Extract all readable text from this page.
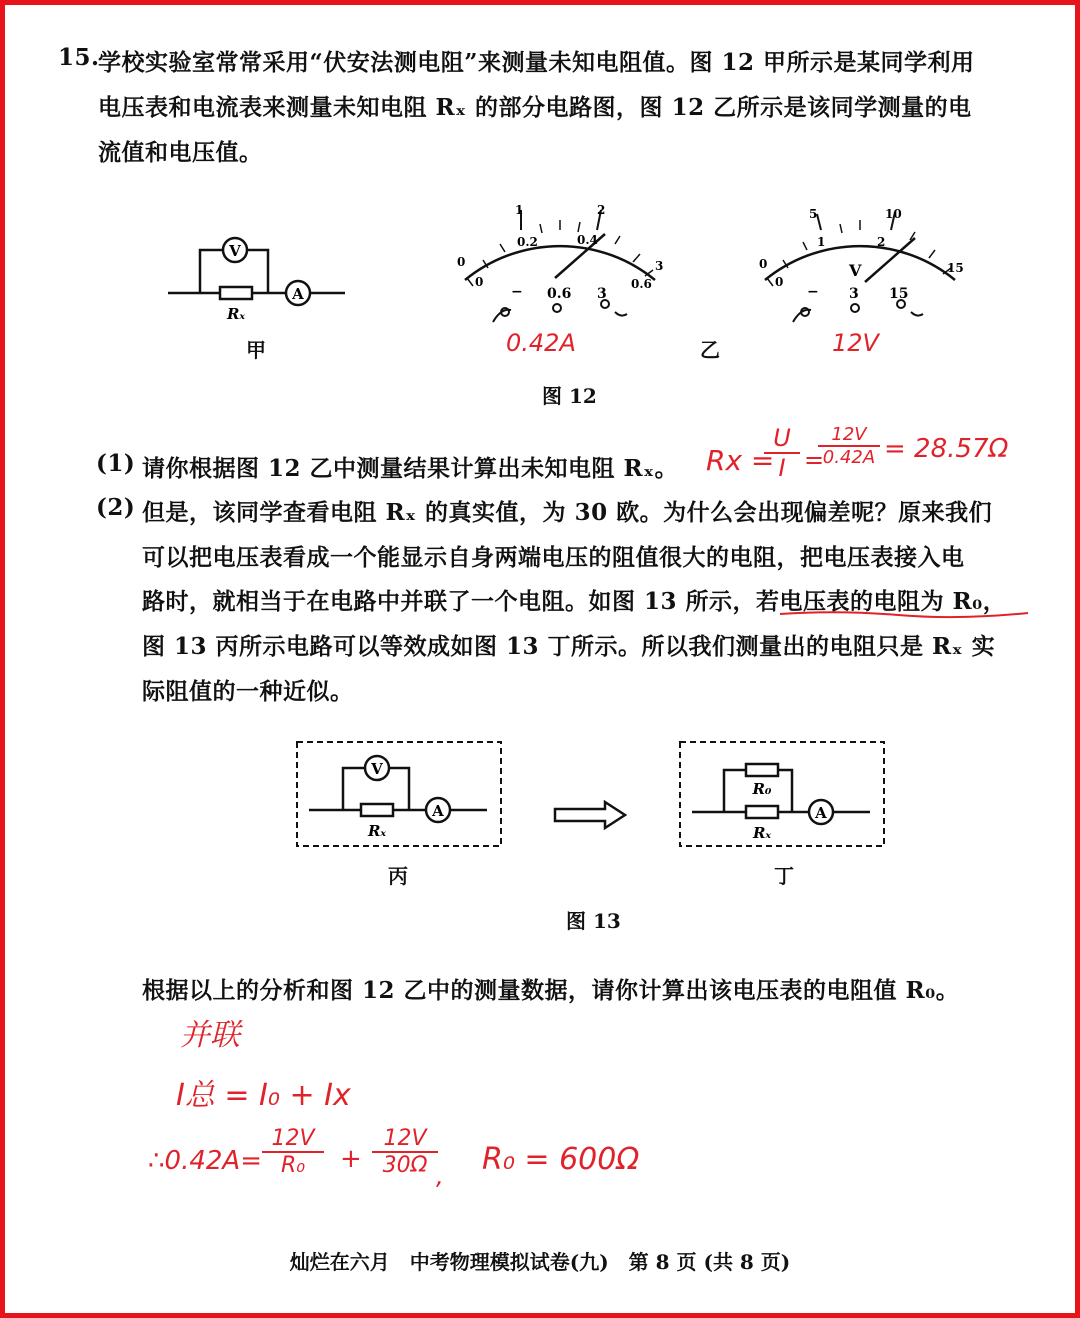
15.
学校实验室常常采用“伏安法测电阻”来测量未知电阻值。图 12 甲所示是某同学利用
电压表和电流表来测量未知电阻 Rₓ 的部分电路图，图 12 乙所示是该同学测量的电
流值和电压值。
V
A
Rₓ
甲
1	2
0
0.2	0.4
0.6
0
3
− 0.6 3
0.42A	乙
5	10
0
1	2
0
15
V
− 3 15
12V
图 12
(1) 请你根据图 12 乙中测量结果计算出未知电阻 Rₓ。 Rx =
$\frac{U}{I}$ =
$\frac{12V}{0.42A} = 28.57\Omega$
(2) 但是，该同学查看电阻 Rₓ 的真实值，为 30 欧。为什么会出现偏差呢？原来我们
可以把电压表看成一个能显示自身两端电压的阻值很大的电阻，把电压表接入电
路时，就相当于在电路中并联了一个电阻。如图 13 所示，若电压表的电阻为 R₀，
图 13 丙所示电路可以等效成如图 13 丁所示。所以我们测量出的电阻只是 Rₓ 实
际阻值的一种近似。
V
A
Rₓ
丙
R₀
Rₓ
A
丁
图 13
根据以上的分析和图 12 乙中的测量数据，请你计算出该电压表的电阻值 R₀。
并联
I总 = I₀ + Ix
∴0.42A= $\frac{12V}{\text{R₀}} + \frac{12V}{30\Omega}$
, R₀ = 600Ω
灿烂在六月　中考物理模拟试卷(九)　第 8 页 (共 8 页)
